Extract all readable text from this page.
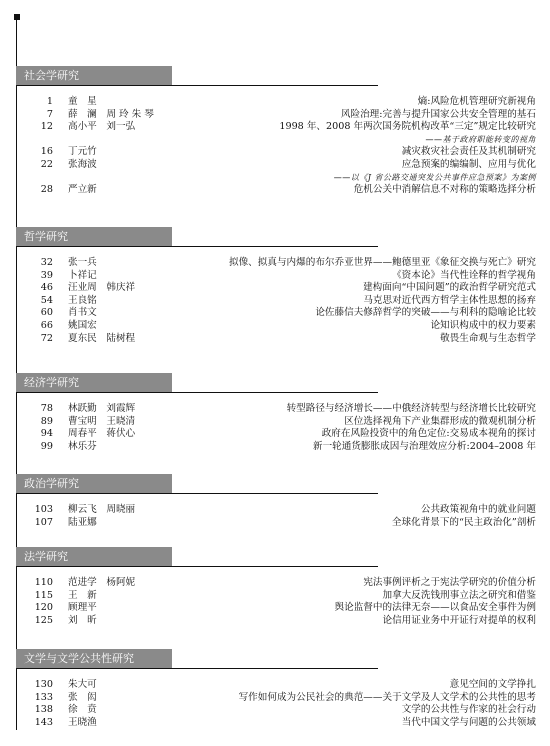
社会学研究
1 童　星	熵:风险危机管理研究新视角
7 薛　澜　周 玲 朱 琴	风险治理:完善与提升国家公共安全管理的基石
12 高小平　刘一弘	1998 年、2008 年两次国务院机构改革“三定”规定比较研究
——基于政府职能转变的视角
16 丁元竹	减灾救灾社会责任及其机制研究
22 张海波	应急预案的编编制、应用与优化
——以《J 省公路交通突发公共事件应急预案》为案例
28 严立新	危机公关中消解信息不对称的策略选择分析
哲学研究
32 张一兵	拟像、拟真与内爆的布尔乔亚世界——鲍德里亚《象征交换与死亡》研究
39 卜祥记	《资本论》当代性诠释的哲学视角
46 汪业周　韩庆祥	建构面向“中国问题”的政治哲学研究范式
54 王良铭	马克思对近代西方哲学主体性思想的扬弃
60 肖书文	论佐藤信夫修辞哲学的突破——与利科的隐喻论比较
66 姚国宏	论知识构成中的权力要素
72 夏东民　陆树程	敬畏生命观与生态哲学
经济学研究
78 林跃勤　刘霞辉	转型路径与经济增长——中俄经济转型与经济增长比较研究
89 曹宝明　王晓清	区位选择视角下产业集群形成的微观机制分析
94 周春平　蒋伏心	政府在风险投资中的角色定位:交易成本视角的探讨
99 林乐芬	新一轮通货膨胀成因与治理效应分析:2004–2008 年
政治学研究
103 柳云飞　周晓丽	公共政策视角中的就业问题
107 陆亚娜	全球化背景下的“民主政治化”剖析
法学研究
110 范进学　杨阿妮	宪法事例评析之于宪法学研究的价值分析
115 王　新	加拿大反洗钱刑事立法之研究和借鉴
120 顾理平	舆论监督中的法律无奈——以食品安全事件为例
125 刘　昕	论信用证业务中开证行对提单的权利
文学与文学公共性研究
130 朱大可	意见空间的文学挣扎
133 张　闳	写作如何成为公民社会的典范——关于文学及人文学术的公共性的思考
138 徐　贲	文学的公共性与作家的社会行动
143 王晓渔	当代中国文学与问题的公共领域
